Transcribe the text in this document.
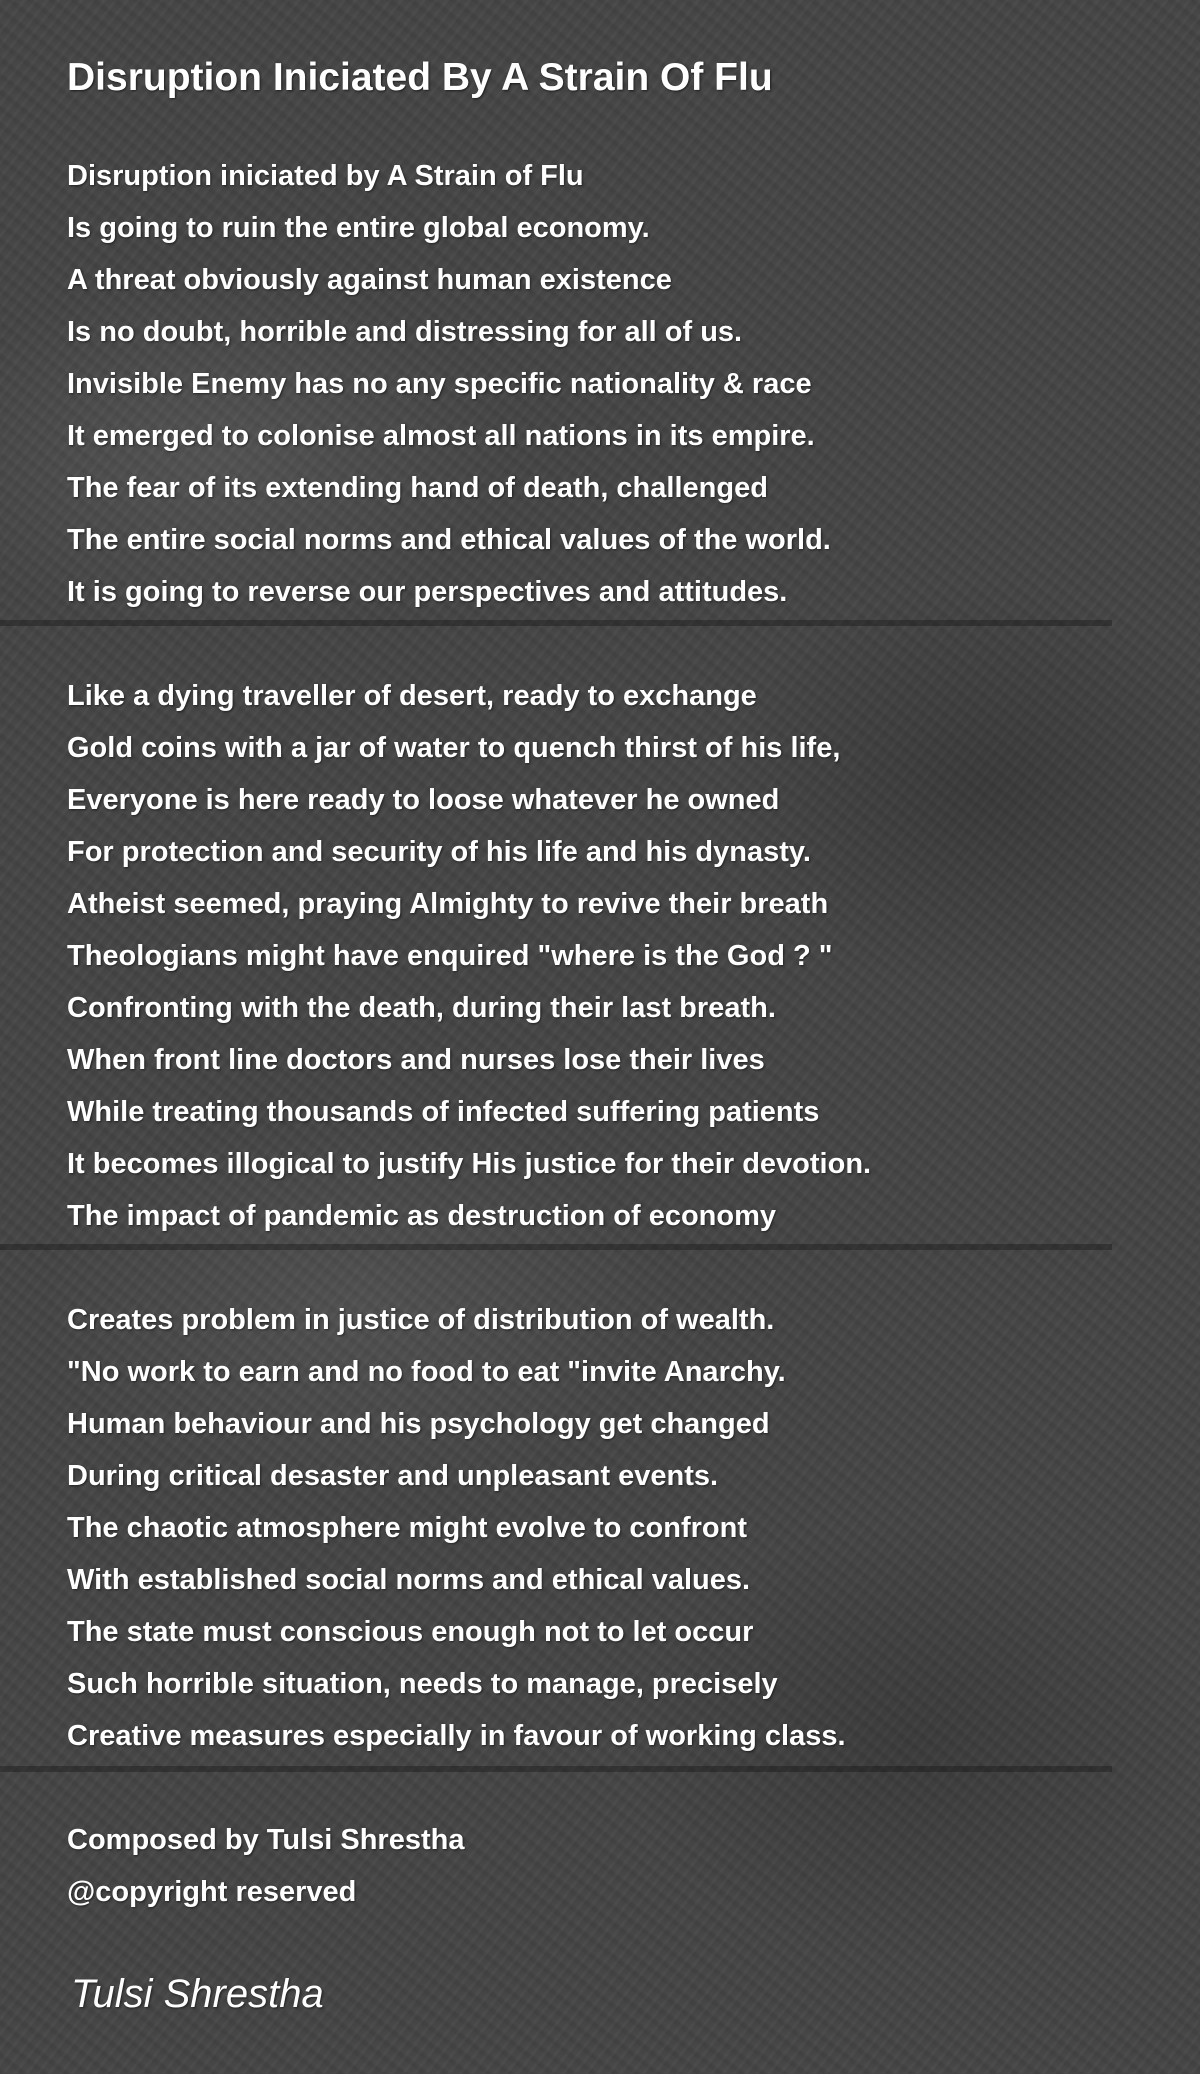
Disruption Iniciated By A Strain Of Flu

Disruption iniciated by A Strain of Flu
Is going to ruin the entire global economy.
A threat obviously against human existence
Is no doubt, horrible and distressing for all of us.
Invisible Enemy has no any specific nationality & race
It emerged to colonise almost all nations in its empire.
The fear of its extending hand of death, challenged
The entire social norms and ethical values of the world.
It is going to reverse our perspectives and attitudes.

Like a dying traveller of desert, ready to exchange
Gold coins with a jar of water to quench thirst of his life,
Everyone is here ready to loose whatever he owned
For protection and security of his life and his dynasty.
Atheist seemed, praying Almighty to revive their breath
Theologians might have enquired "where is the God ? "
Confronting with the death, during their last breath.
When front line doctors and nurses lose their lives
While treating thousands of infected suffering patients
It becomes illogical to justify His justice for their devotion.
The impact of pandemic as destruction of economy

Creates problem in justice of distribution of wealth.
"No work to earn and no food to eat "invite Anarchy.
Human behaviour and his psychology get changed
During critical desaster and unpleasant events.
The chaotic atmosphere might evolve to confront
With established social norms and ethical values.
The state must conscious enough not to let occur
Such horrible situation, needs to manage, precisely
Creative measures especially in favour of working class.

Composed by Tulsi Shrestha
@copyright reserved

Tulsi Shrestha
